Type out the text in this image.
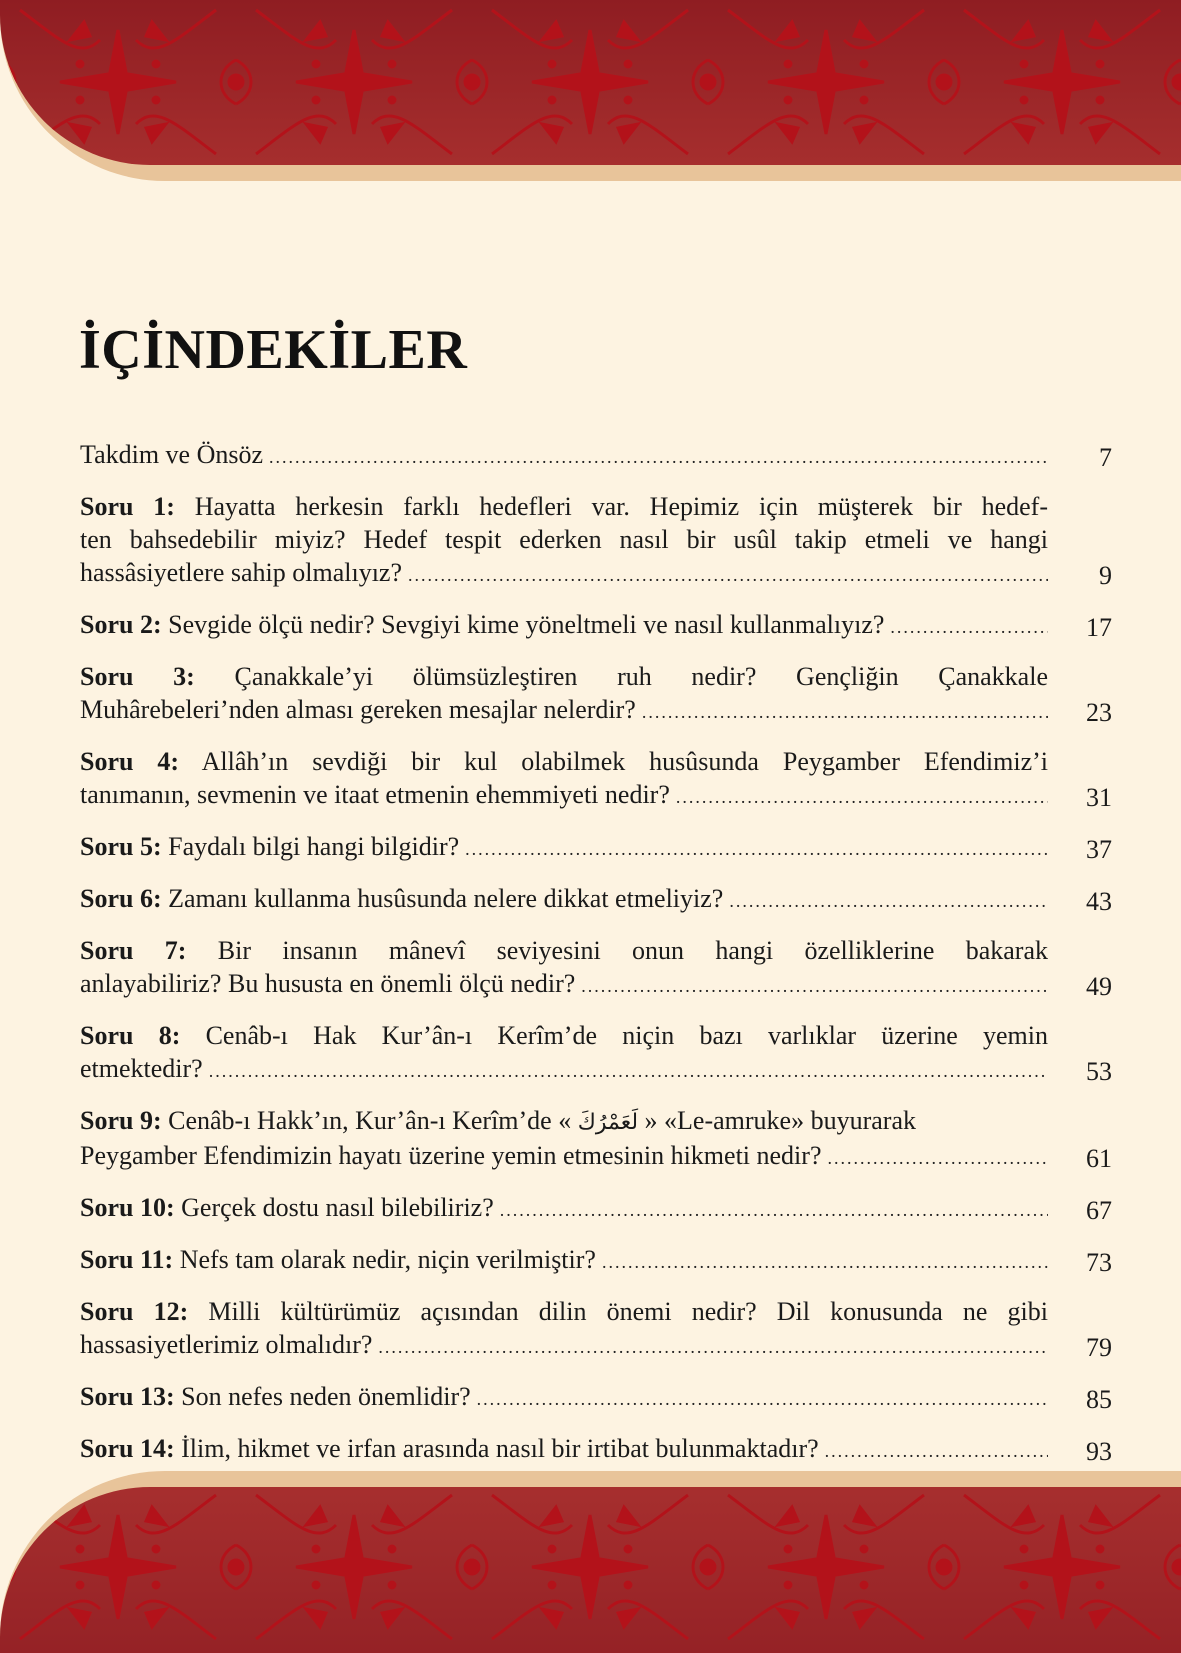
İÇİNDEKİLER
Takdim ve Önsöz .....	7
Soru 1: Hayatta herkesin farklı hedefleri var. Hepimiz için müşterek bir hedef-
ten bahsedebilir miyiz? Hedef tespit ederken nasıl bir usûl takip etmeli ve hangi
hassâsiyetlere sahip olmalıyız? .....	9
Soru 2: Sevgide ölçü nedir? Sevgiyi kime yöneltmeli ve nasıl kullanmalıyız? .....	17
Soru 3: Çanakkale’yi ölümsüzleştiren ruh nedir? Gençliğin Çanakkale
Muhârebeleri’nden alması gereken mesajlar nelerdir? .....	23
Soru 4: Allâh’ın sevdiği bir kul olabilmek husûsunda Peygamber Efendimiz’i
tanımanın, sevmenin ve itaat etmenin ehemmiyeti nedir? .....	31
Soru 5: Faydalı bilgi hangi bilgidir? .....	37
Soru 6: Zamanı kullanma husûsunda nelere dikkat etmeliyiz? .....	43
Soru 7: Bir insanın mânevî seviyesini onun hangi özelliklerine bakarak
anlayabiliriz? Bu hususta en önemli ölçü nedir? .....	49
Soru 8: Cenâb-ı Hak Kur’ân-ı Kerîm’de niçin bazı varlıklar üzerine yemin
etmektedir? .....	53
Soru 9: Cenâb-ı Hakk’ın, Kur’ân-ı Kerîm’de « لَعَمْرُكَ » «Le-amruke» buyurarak
Peygamber Efendimizin hayatı üzerine yemin etmesinin hikmeti nedir? .....	61
Soru 10: Gerçek dostu nasıl bilebiliriz? .....	67
Soru 11: Nefs tam olarak nedir, niçin verilmiştir? .....	73
Soru 12: Milli kültürümüz açısından dilin önemi nedir? Dil konusunda ne gibi
hassasiyetlerimiz olmalıdır? .....	79
Soru 13: Son nefes neden önemlidir? .....	85
Soru 14: İlim, hikmet ve irfan arasında nasıl bir irtibat bulunmaktadır? .....	93
